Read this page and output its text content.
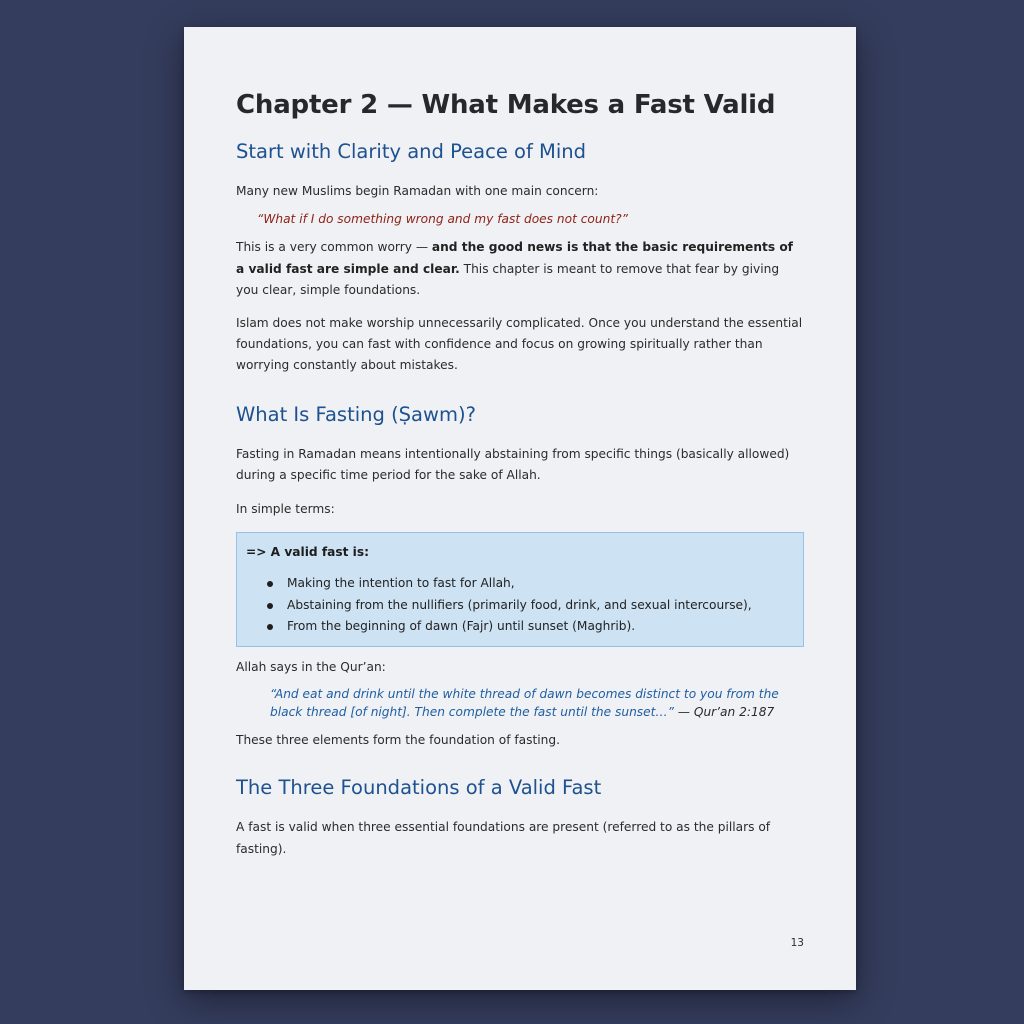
Chapter 2 — What Makes a Fast Valid
Start with Clarity and Peace of Mind

Many new Muslims begin Ramadan with one main concern:

“What if I do something wrong and my fast does not count?”

This is a very common worry — and the good news is that the basic requirements of a valid fast are simple and clear. This chapter is meant to remove that fear by giving you clear, simple foundations.

Islam does not make worship unnecessarily complicated. Once you understand the essential foundations, you can fast with confidence and focus on growing spiritually rather than worrying constantly about mistakes.

What Is Fasting (Ṣawm)?

Fasting in Ramadan means intentionally abstaining from specific things (basically allowed) during a specific time period for the sake of Allah.

In simple terms:

=> A valid fast is:
Making the intention to fast for Allah,
Abstaining from the nullifiers (primarily food, drink, and sexual intercourse),
From the beginning of dawn (Fajr) until sunset (Maghrib).

Allah says in the Qur’an:

“And eat and drink until the white thread of dawn becomes distinct to you from the black thread [of night]. Then complete the fast until the sunset…” — Qur’an 2:187

These three elements form the foundation of fasting.

The Three Foundations of a Valid Fast

A fast is valid when three essential foundations are present (referred to as the pillars of fasting).

13
